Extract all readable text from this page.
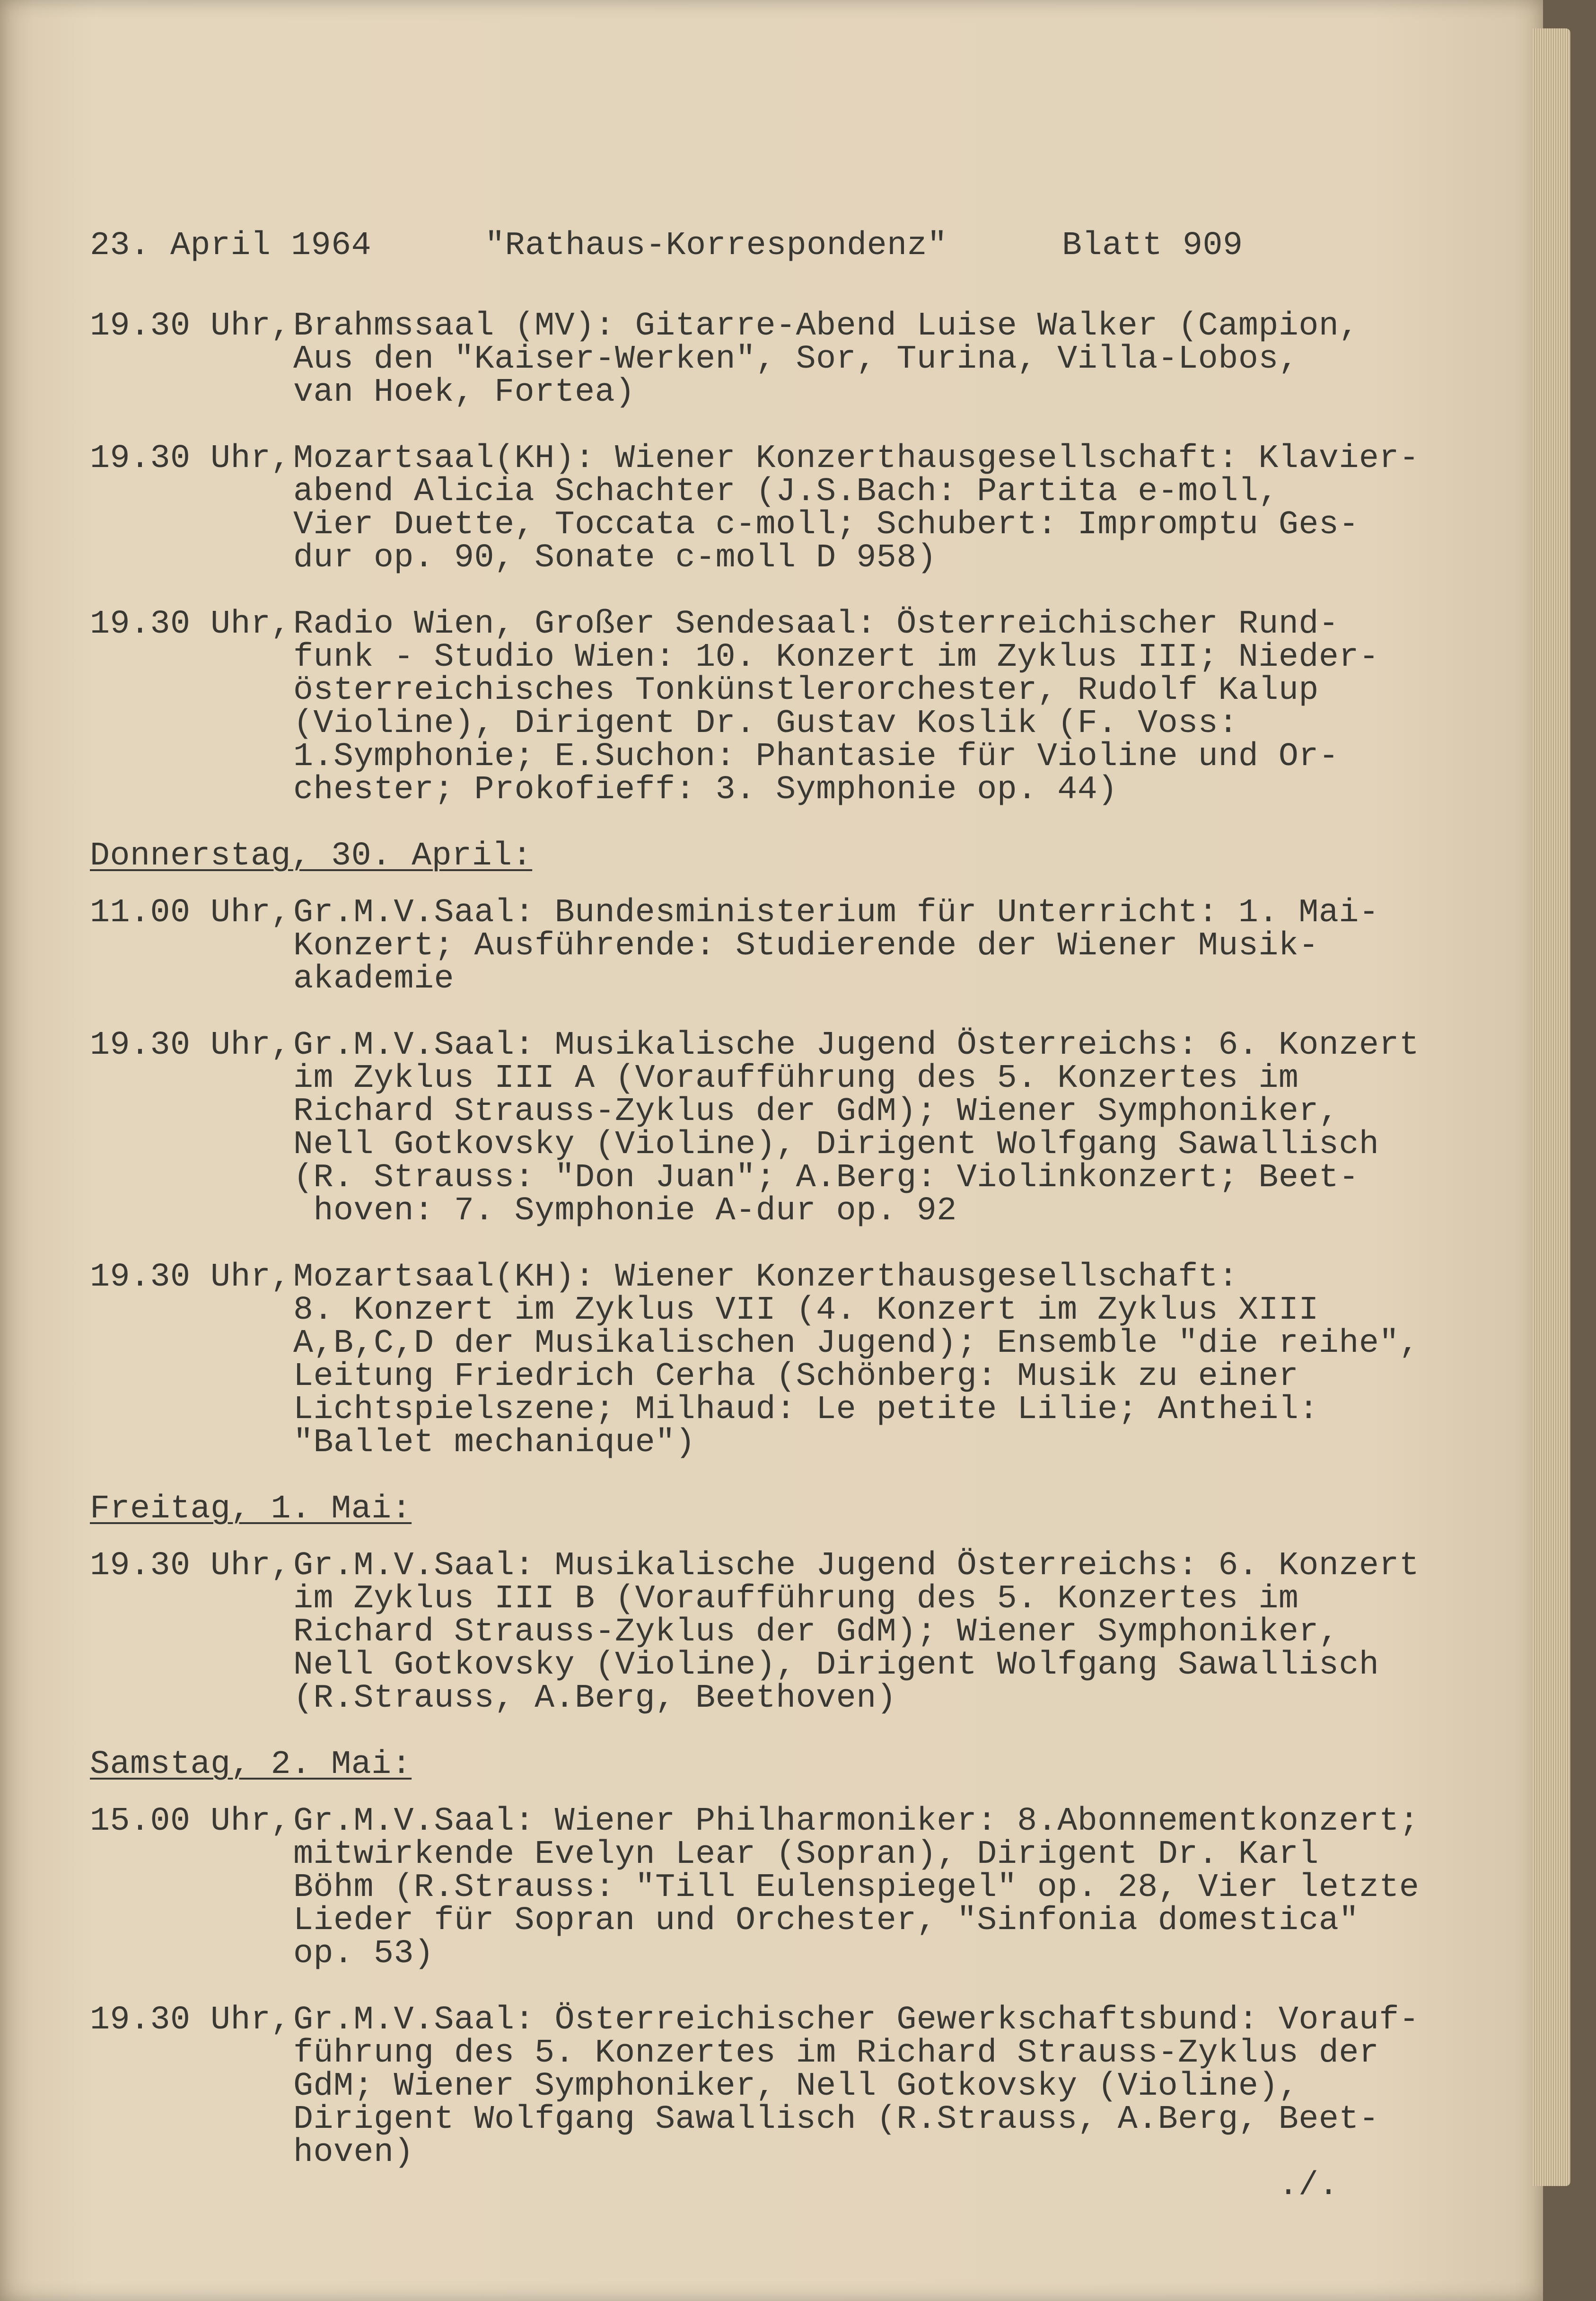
23. April 1964	"Rathaus-Korrespondenz"	Blatt 909
19.30 Uhr, Brahmssaal (MV): Gitarre-Abend Luise Walker (Campion,
Aus den "Kaiser-Werken", Sor, Turina, Villa-Lobos,
van Hoek, Fortea)
19.30 Uhr, Mozartsaal(KH): Wiener Konzerthausgesellschaft: Klavier-
abend Alicia Schachter (J.S.Bach: Partita e-moll,
Vier Duette, Toccata c-moll; Schubert: Impromptu Ges-
dur op. 90, Sonate c-moll D 958)
19.30 Uhr, Radio Wien, Großer Sendesaal: Österreichischer Rund-
funk - Studio Wien: 10. Konzert im Zyklus III; Nieder-
österreichisches Tonkünstlerorchester, Rudolf Kalup
(Violine), Dirigent Dr. Gustav Koslik (F. Voss:
1.Symphonie; E.Suchon: Phantasie für Violine und Or-
chester; Prokofieff: 3. Symphonie op. 44)
Donnerstag, 30. April:
11.00 Uhr, Gr.M.V.Saal: Bundesministerium für Unterricht: 1. Mai-
Konzert; Ausführende: Studierende der Wiener Musik-
akademie
19.30 Uhr, Gr.M.V.Saal: Musikalische Jugend Österreichs: 6. Konzert
im Zyklus III A (Voraufführung des 5. Konzertes im
Richard Strauss-Zyklus der GdM); Wiener Symphoniker,
Nell Gotkovsky (Violine), Dirigent Wolfgang Sawallisch
(R. Strauss: "Don Juan"; A.Berg: Violinkonzert; Beet-
hoven: 7. Symphonie A-dur op. 92
19.30 Uhr, Mozartsaal(KH): Wiener Konzerthausgesellschaft:
8. Konzert im Zyklus VII (4. Konzert im Zyklus XIII
A,B,C,D der Musikalischen Jugend); Ensemble "die reihe",
Leitung Friedrich Cerha (Schönberg: Musik zu einer
Lichtspielszene; Milhaud: Le petite Lilie; Antheil:
"Ballet mechanique")
Freitag, 1. Mai:
19.30 Uhr, Gr.M.V.Saal: Musikalische Jugend Österreichs: 6. Konzert
im Zyklus III B (Voraufführung des 5. Konzertes im
Richard Strauss-Zyklus der GdM); Wiener Symphoniker,
Nell Gotkovsky (Violine), Dirigent Wolfgang Sawallisch
(R.Strauss, A.Berg, Beethoven)
Samstag, 2. Mai:
15.00 Uhr, Gr.M.V.Saal: Wiener Philharmoniker: 8.Abonnementkonzert;
mitwirkende Evelyn Lear (Sopran), Dirigent Dr. Karl
Böhm (R.Strauss: "Till Eulenspiegel" op. 28, Vier letzte
Lieder für Sopran und Orchester, "Sinfonia domestica"
op. 53)
19.30 Uhr, Gr.M.V.Saal: Österreichischer Gewerkschaftsbund: Vorauf-
führung des 5. Konzertes im Richard Strauss-Zyklus der
GdM; Wiener Symphoniker, Nell Gotkovsky (Violine),
Dirigent Wolfgang Sawallisch (R.Strauss, A.Berg, Beet-
hoven)
./.
